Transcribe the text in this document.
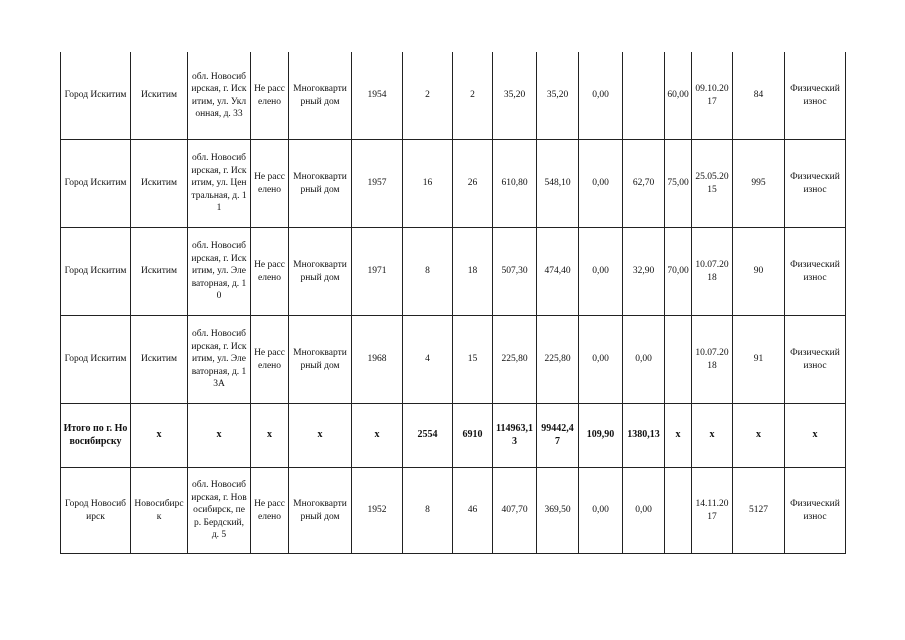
Город Искитим	Искитим	обл. Новосибирская, г. Искитим, ул. Уклонная, д. 33	Не расселено	Многоквартирный дом	1954	2	2	35,20	35,20	0,00		60,00	09.10.2017	84	Физический износ
Город Искитим	Искитим	обл. Новосибирская, г. Искитим, ул. Центральная, д. 11	Не расселено	Многоквартирный дом	1957	16	26	610,80	548,10	0,00	62,70	75,00	25.05.2015	995	Физический износ
Город Искитим	Искитим	обл. Новосибирская, г. Искитим, ул. Элеваторная, д. 10	Не расселено	Многоквартирный дом	1971	8	18	507,30	474,40	0,00	32,90	70,00	10.07.2018	90	Физический износ
Город Искитим	Искитим	обл. Новосибирская, г. Искитим, ул. Элеваторная, д. 13А	Не расселено	Многоквартирный дом	1968	4	15	225,80	225,80	0,00	0,00		10.07.2018	91	Физический износ
Итого по г. Новосибирску	х	х	х	х	х	2554	6910	114963,13	99442,47	109,90	1380,13	х	х	х	х
Город Новосибирск	Новосибирск	обл. Новосибирская, г. Новосибирск, пер. Бердский, д. 5	Не расселено	Многоквартирный дом	1952	8	46	407,70	369,50	0,00	0,00		14.11.2017	5127	Физический износ
